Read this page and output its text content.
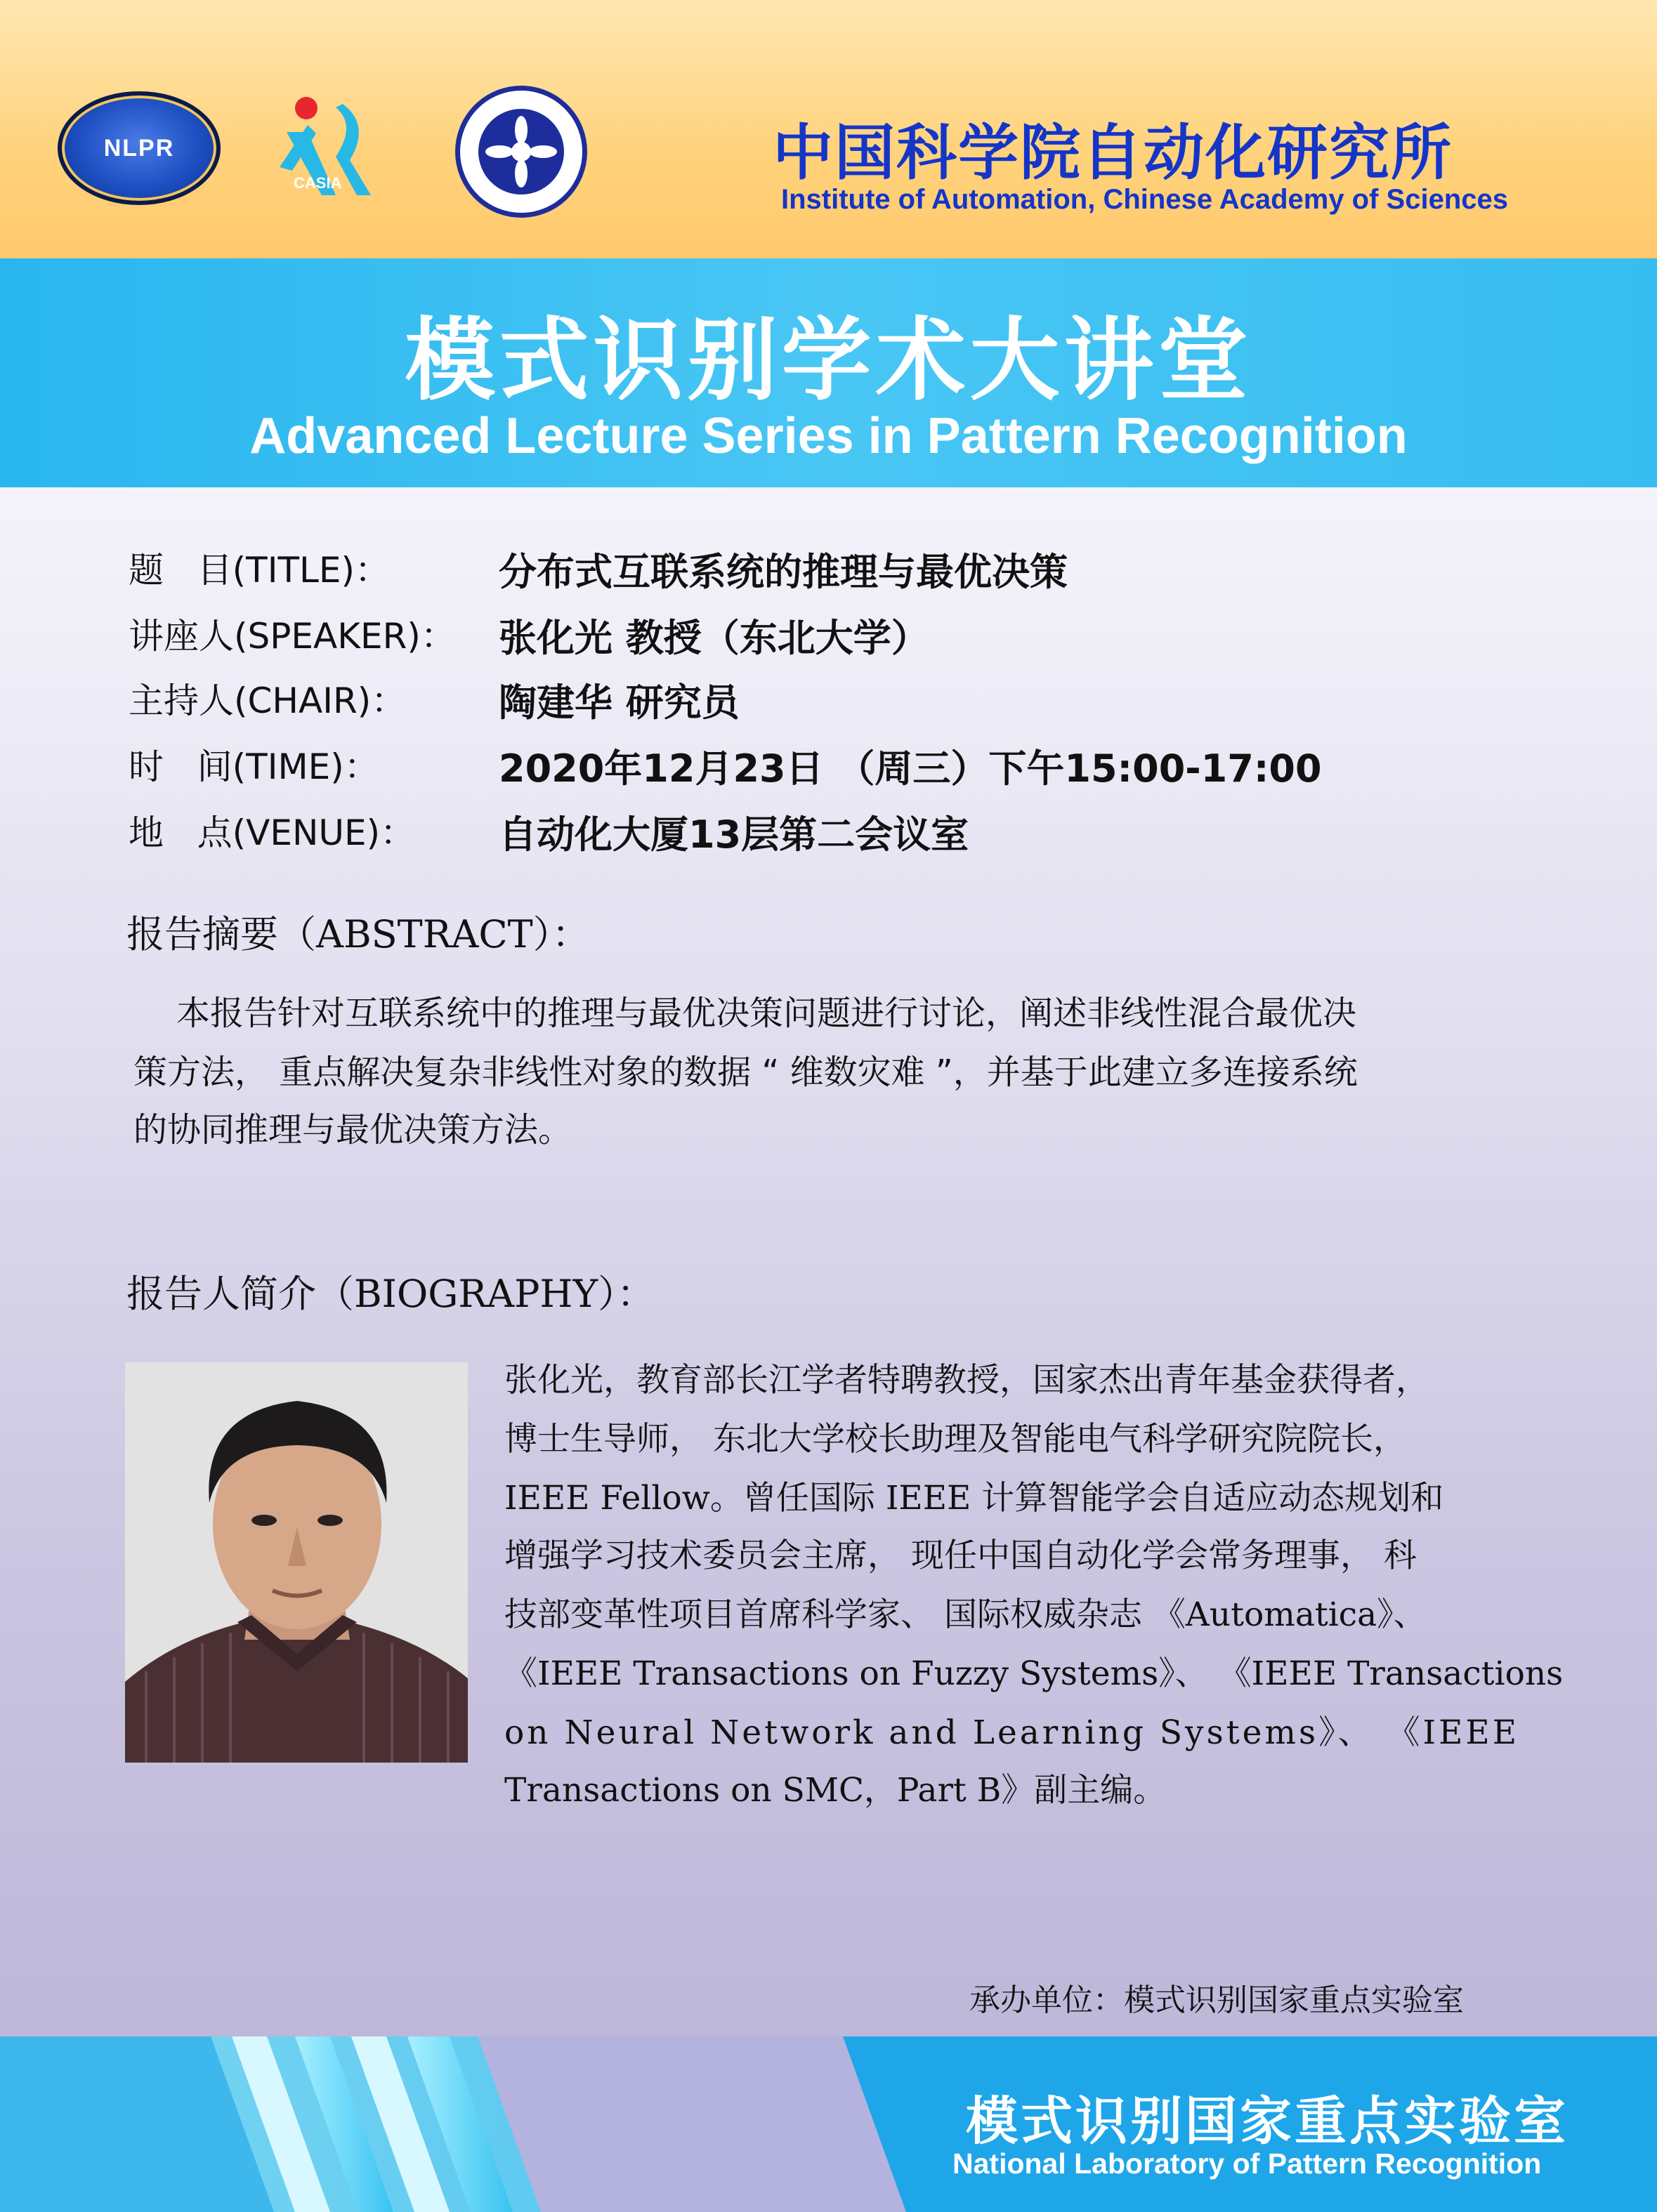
NLPR
CASIA	中国科学院自动化研究所
Institute of Automation, Chinese Academy of Sciences
模式识别学术大讲堂
Advanced Lecture Series in Pattern Recognition
题   目(TITLE)：	分布式互联系统的推理与最优决策
讲座人(SPEAKER)： 张化光 教授（东北大学）
主持人(CHAIR)： 陶建华 研究员
时   间(TIME)：	2020年12月23日 （周三）下午15:00-17:00
地   点(VENUE)： 自动化大厦13层第二会议室
报告摘要（ABSTRACT）：
本报告针对互联系统中的推理与最优决策问题进行讨论，阐述非线性混合最优决
策方法， 重点解决复杂非线性对象的数据 “ 维数灾难 ”，并基于此建立多连接系统
的协同推理与最优决策方法。
报告人简介（BIOGRAPHY）：
张化光，教育部长江学者特聘教授，国家杰出青年基金获得者，
博士生导师， 东北大学校长助理及智能电气科学研究院院长，
IEEE Fellow。曾任国际 IEEE 计算智能学会自适应动态规划和
增强学习技术委员会主席， 现任中国自动化学会常务理事， 科
技部变革性项目首席科学家、 国际权威杂志 《Automatica》、
《IEEE Transactions on Fuzzy Systems》、 《IEEE Transactions
on Neural Network and Learning Systems》、 《IEEE
Transactions on SMC，Part B》副主编。
承办单位：模式识别国家重点实验室
模式识别国家重点实验室
National Laboratory of Pattern Recognition
